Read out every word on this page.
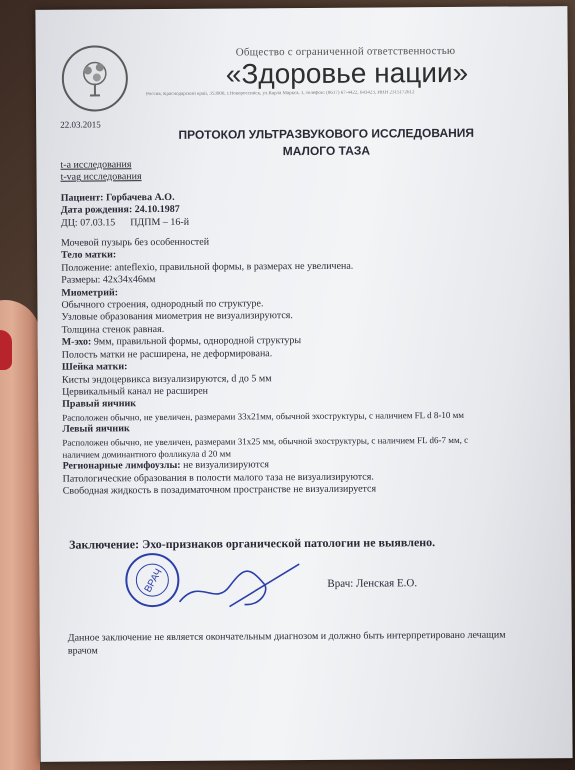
Общество с ограниченной ответственностью
«Здоровье нации»
Россия, Краснодарский край, 353900, г.Новороссийск, ул.Карла Маркса, 1, телефон: (8617) 67-4422, 643423, ИНН 2315172612
22.03.2015
ПРОТОКОЛ УЛЬТРАЗВУКОВОГО ИССЛЕДОВАНИЯ
МАЛОГО ТАЗА
t-a исследования
t-vag исследования
Пациент: Горбачева А.О.
Дата рождения: 24.10.1987
ДЦ: 07.03.15 ПДПМ – 16-й
Мочевой пузырь без особенностей
Тело матки:
Положение: anteflexio, правильной формы, в размерах не увеличена.
Размеры: 42х34х46мм
Миометрий:
Обычного строения, однородный по структуре.
Узловые образования миометрия не визуализируются.
Толщина стенок равная.
М-эхо: 9мм, правильной формы, однородной структуры
Полость матки не расширена, не деформирована.
Шейка матки:
Кисты эндоцервикса визуализируются, d до 5 мм
Цервикальный канал не расширен
Правый яичник
Расположен обычно, не увеличен, размерами 33х21мм, обычной эхоструктуры, с наличием FL d 8-10 мм
Левый яичник
Расположен обычно, не увеличен, размерами 31х25 мм, обычной эхоструктуры, с наличием FL d6-7 мм, с
наличием доминантного фолликула d 20 мм
Регионарные лимфоузлы: не визуализируются
Патологические образования в полости малого таза не визуализируются.
Свободная жидкость в позадиматочном пространстве не визуализируется
Заключение: Эхо-признаков органической патологии не выявлено.
ВРАЧ	Врач: Ленская Е.О.
Данное заключение не является окончательным диагнозом и должно быть интерпретировано лечащим врачом
